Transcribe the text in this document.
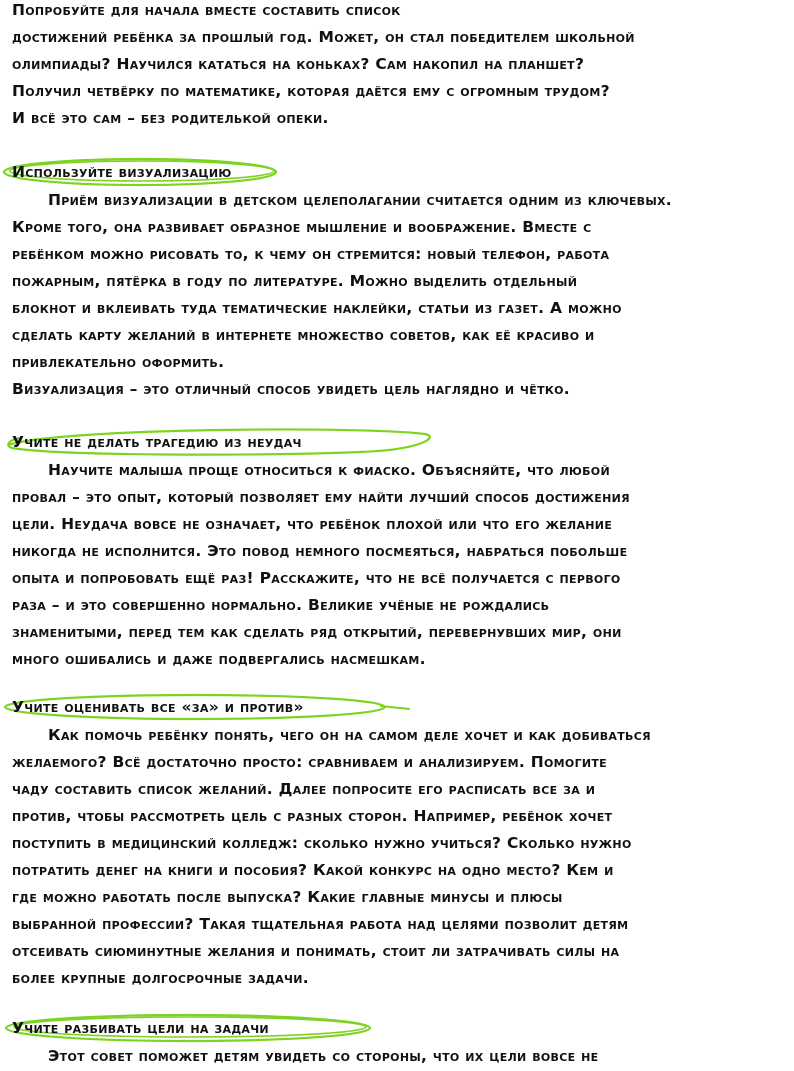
Попробуйте для начала вместе составить список
достижений ребёнка за прошлый год. Может, он стал победителем школьной
олимпиады? Научился кататься на коньках? Сам накопил на планшет?
Получил четвёрку по математике, которая даётся ему с огромным трудом?
И всё это сам – без родителькой опеки.
Используйте визуализацию
Приём визуализации в детском целеполагании считается одним из ключевых.
Кроме того, она развивает образное мышление и воображение. Вместе с
ребёнком можно рисовать то, к чему он стремится: новый телефон, работа
пожарным, пятёрка в году по литературе. Можно выделить отдельный
блокнот и вклеивать туда тематические наклейки, статьи из газет. А можно
сделать карту желаний в интернете множество советов, как её красиво и
привлекательно оформить.
Визуализация – это отличный способ увидеть цель наглядно и чётко.
Учите не делать трагедию из неудач
Научите малыша проще относиться к фиаско. Объясняйте, что любой
провал – это опыт, который позволяет ему найти лучший способ достижения
цели. Неудача вовсе не означает, что ребёнок плохой или что его желание
никогда не исполнится. Это повод немного посмеяться, набраться побольше
опыта и попробовать ещё раз! Расскажите, что не всё получается с первого
раза – и это совершенно нормально. Великие учёные не рождались
знаменитыми, перед тем как сделать ряд открытий, перевернувших мир, они
много ошибались и даже подвергались насмешкам.
Учите оценивать все «за» и против»
Как помочь ребёнку понять, чего он на самом деле хочет и как добиваться
желаемого? Всё достаточно просто: сравниваем и анализируем. Помогите
чаду составить список желаний. Далее попросите его расписать все за и
против, чтобы рассмотреть цель с разных сторон. Например, ребёнок хочет
поступить в медицинский колледж: сколько нужно учиться? Сколько нужно
потратить денег на книги и пособия? Какой конкурс на одно место? Кем и
где можно работать после выпуска? Какие главные минусы и плюсы
выбранной профессии? Такая тщательная работа над целями позволит детям
отсеивать сиюминутные желания и понимать, стоит ли затрачивать силы на
более крупные долгосрочные задачи.
Учите разбивать цели на задачи
Этот совет поможет детям увидеть со стороны, что их цели вовсе не
